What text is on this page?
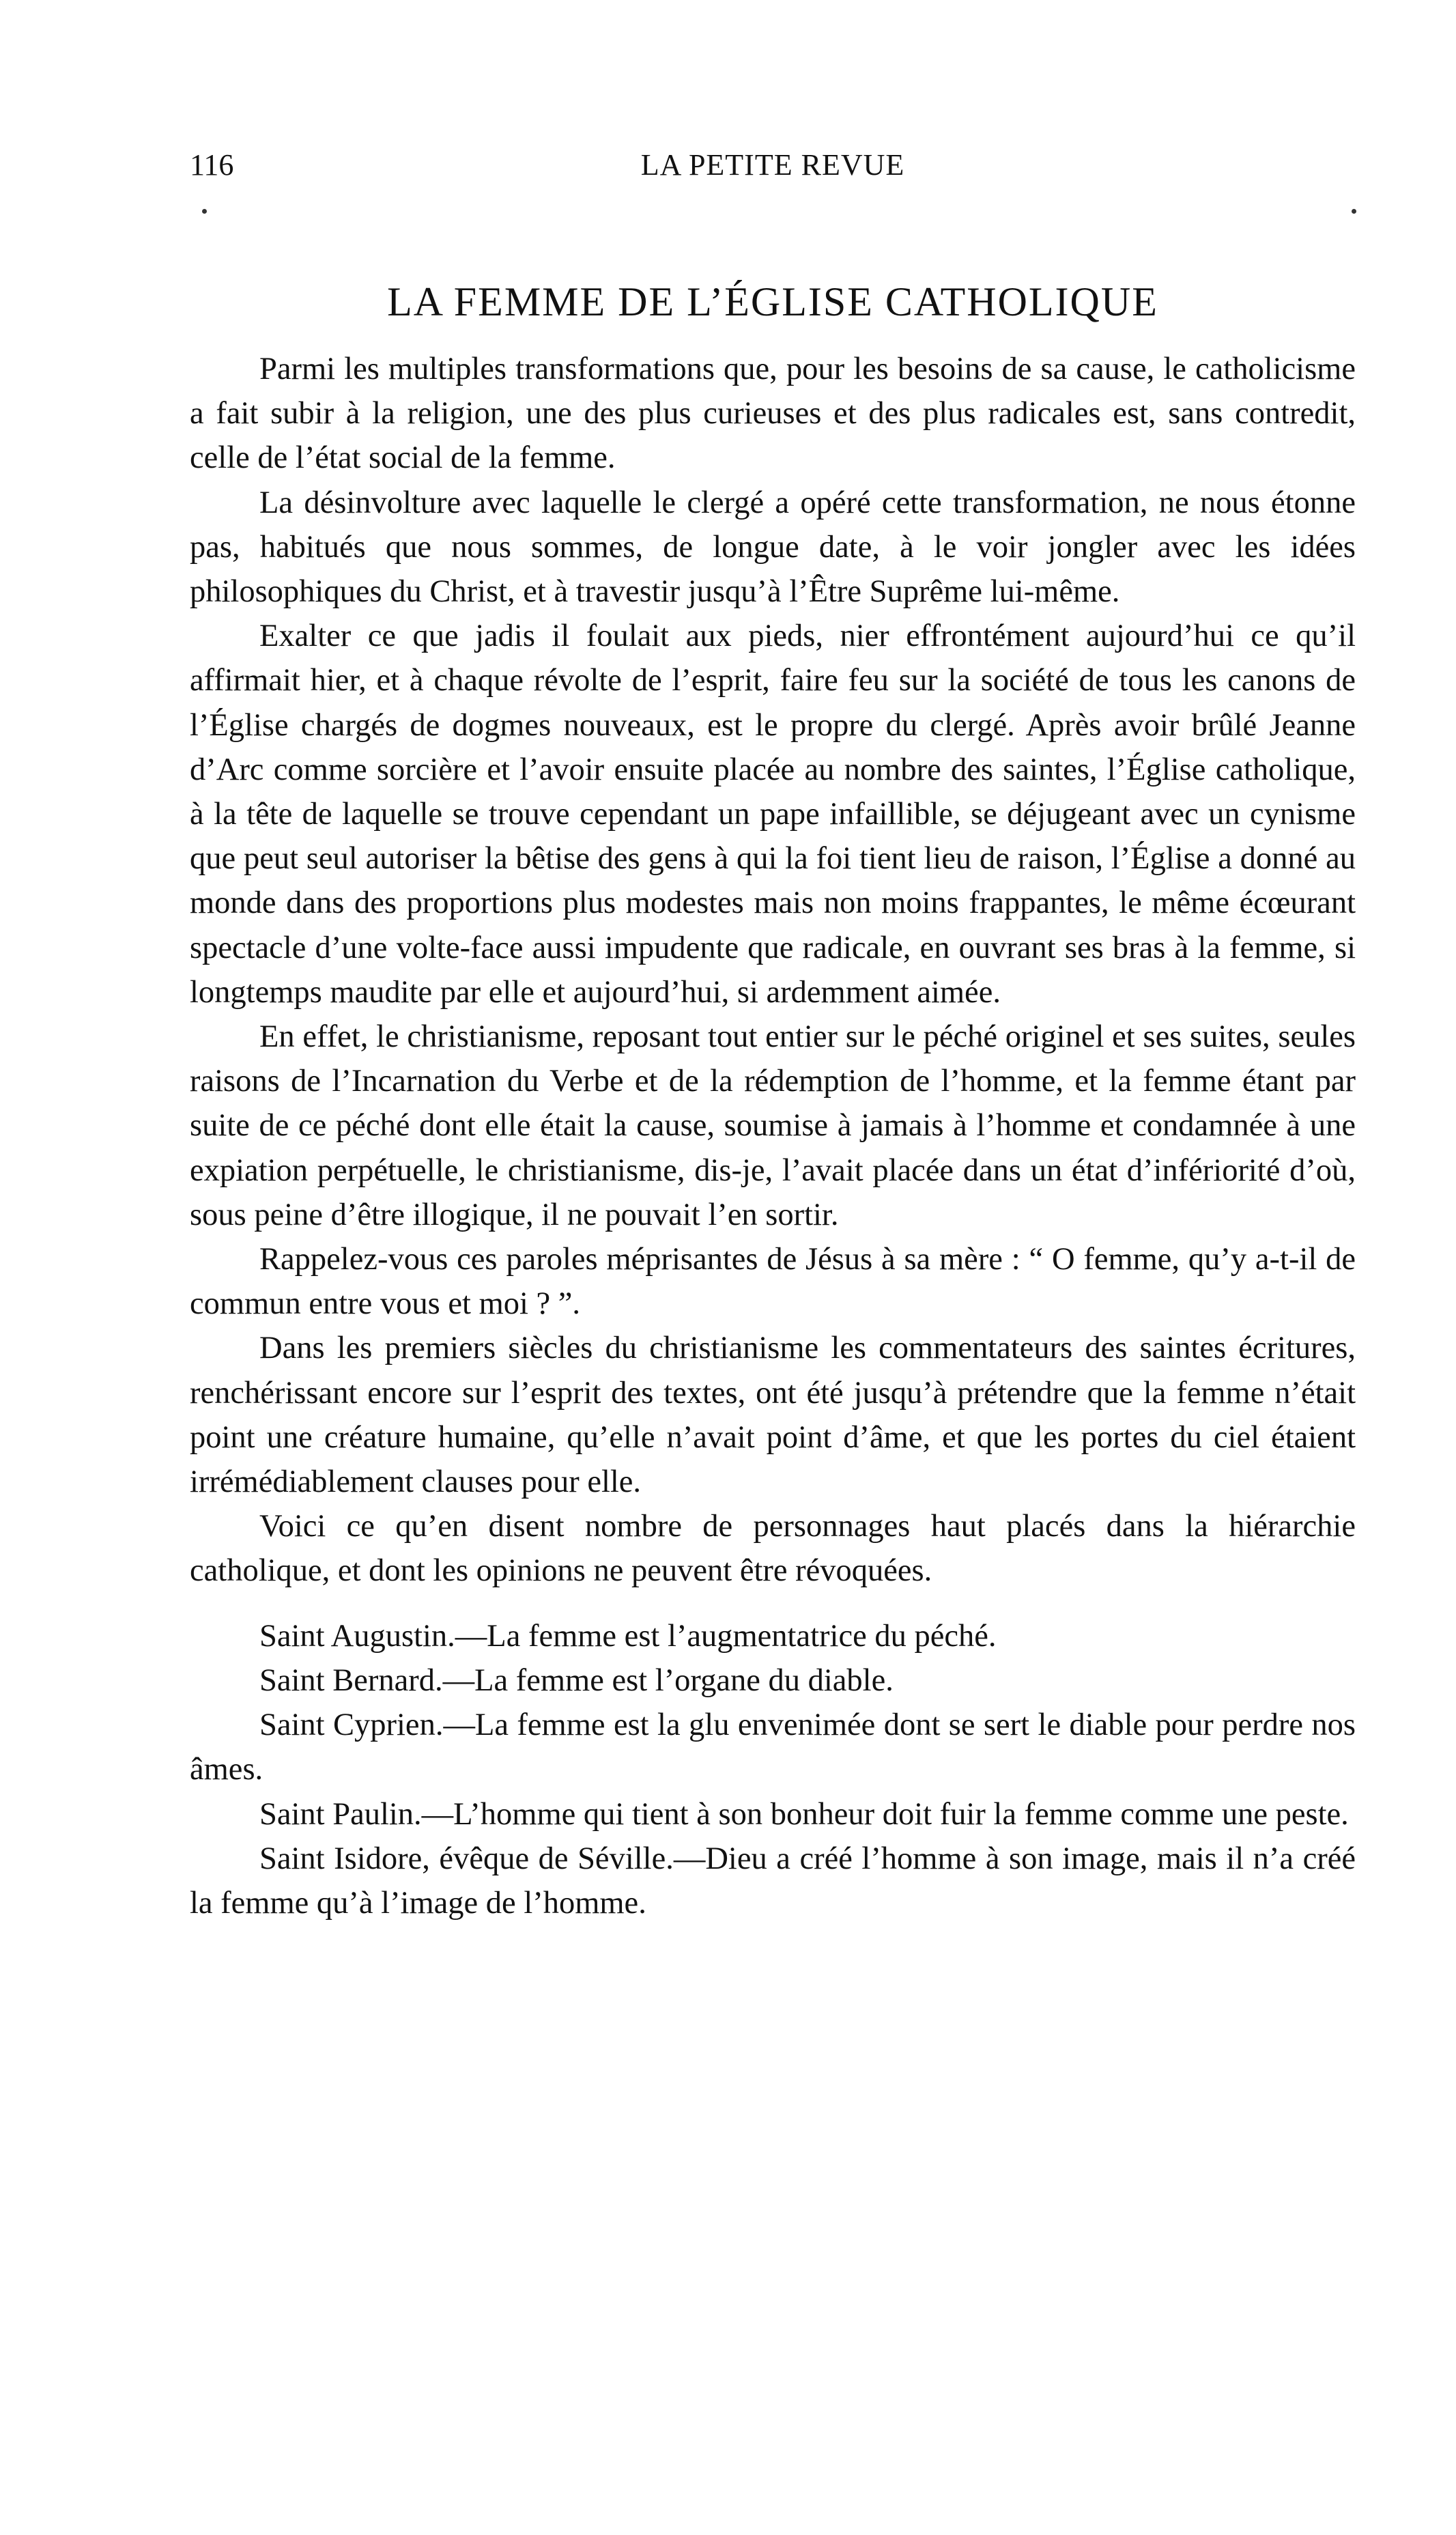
116	LA PETITE REVUE
LA FEMME DE L’ÉGLISE CATHOLIQUE

Parmi les multiples transformations que, pour les besoins de sa cause, le catholicisme a fait subir à la religion, une des plus curieuses et des plus radicales est, sans contredit, celle de l’état social de la femme.

La désinvolture avec laquelle le clergé a opéré cette transformation, ne nous étonne pas, habitués que nous sommes, de longue date, à le voir jongler avec les idées philosophiques du Christ, et à travestir jusqu’à l’Être Suprême lui-même.

Exalter ce que jadis il foulait aux pieds, nier effrontément aujourd’hui ce qu’il affirmait hier, et à chaque révolte de l’esprit, faire feu sur la société de tous les canons de l’Église chargés de dogmes nouveaux, est le propre du clergé. Après avoir brûlé Jeanne d’Arc comme sorcière et l’avoir ensuite placée au nombre des saintes, l’Église catholique, à la tête de laquelle se trouve cependant un pape infaillible, se déjugeant avec un cynisme que peut seul autoriser la bêtise des gens à qui la foi tient lieu de raison, l’Église a donné au monde dans des proportions plus modestes mais non moins frappantes, le même écœurant spectacle d’une volte-face aussi impudente que radicale, en ouvrant ses bras à la femme, si longtemps maudite par elle et aujourd’hui, si ardemment aimée.

En effet, le christianisme, reposant tout entier sur le péché originel et ses suites, seules raisons de l’Incarnation du Verbe et de la rédemption de l’homme, et la femme étant par suite de ce péché dont elle était la cause, soumise à jamais à l’homme et condamnée à une expiation perpétuelle, le christianisme, dis-je, l’avait placée dans un état d’infériorité d’où, sous peine d’être illogique, il ne pouvait l’en sortir.

Rappelez-vous ces paroles méprisantes de Jésus à sa mère : “ O femme, qu’y a-t-il de commun entre vous et moi ? ”.

Dans les premiers siècles du christianisme les commentateurs des saintes écritures, renchérissant encore sur l’esprit des textes, ont été jusqu’à prétendre que la femme n’était point une créature humaine, qu’elle n’avait point d’âme, et que les portes du ciel étaient irrémédiablement clauses pour elle.

Voici ce qu’en disent nombre de personnages haut placés dans la hiérarchie catholique, et dont les opinions ne peuvent être révoquées.

Saint Augustin.—La femme est l’augmentatrice du péché.

Saint Bernard.—La femme est l’organe du diable.

Saint Cyprien.—La femme est la glu envenimée dont se sert le diable pour perdre nos âmes.

Saint Paulin.—L’homme qui tient à son bonheur doit fuir la femme comme une peste.

Saint Isidore, évêque de Séville.—Dieu a créé l’homme à son image, mais il n’a créé la femme qu’à l’image de l’homme.
